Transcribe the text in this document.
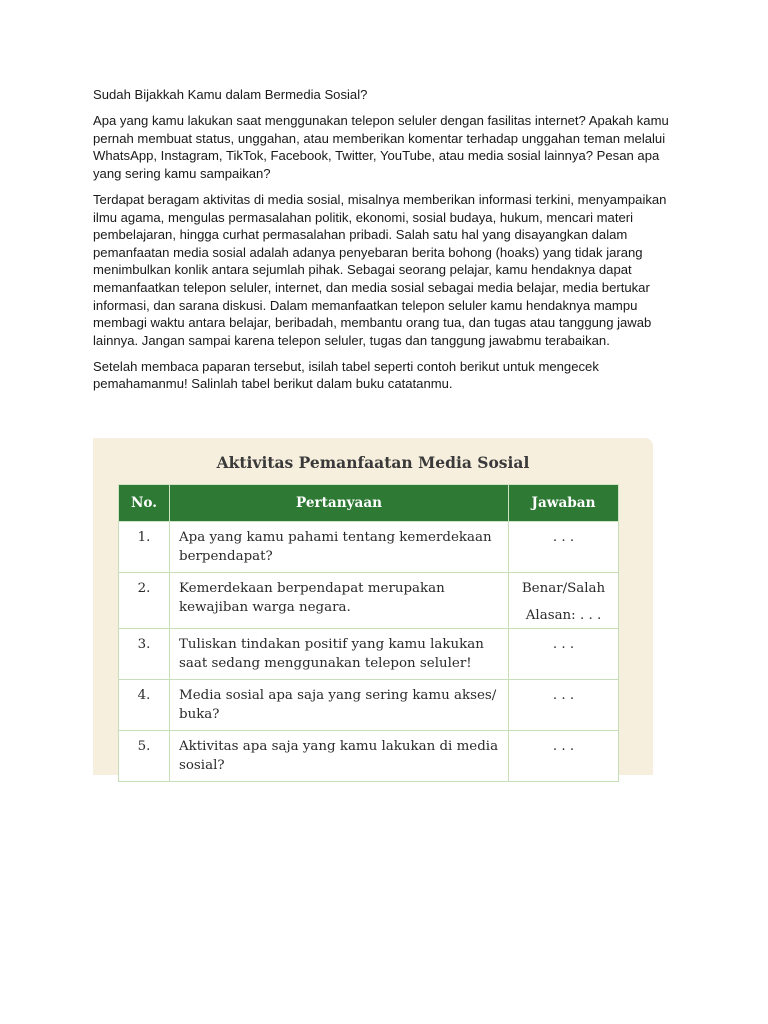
Sudah Bijakkah Kamu dalam Bermedia Sosial?

Apa yang kamu lakukan saat menggunakan telepon seluler dengan fasilitas internet? Apakah kamu pernah membuat status, unggahan, atau memberikan komentar terhadap unggahan teman melalui WhatsApp, Instagram, TikTok, Facebook, Twitter, YouTube, atau media sosial lainnya? Pesan apa yang sering kamu sampaikan?

Terdapat beragam aktivitas di media sosial, misalnya memberikan informasi terkini, menyampaikan ilmu agama, mengulas permasalahan politik, ekonomi, sosial budaya, hukum, mencari materi pembelajaran, hingga curhat permasalahan pribadi. Salah satu hal yang disayangkan dalam pemanfaatan media sosial adalah adanya penyebaran berita bohong (hoaks) yang tidak jarang menimbulkan konlik antara sejumlah pihak. Sebagai seorang pelajar, kamu hendaknya dapat memanfaatkan telepon seluler, internet, dan media sosial sebagai media belajar, media bertukar informasi, dan sarana diskusi. Dalam memanfaatkan telepon seluler kamu hendaknya mampu membagi waktu antara belajar, beribadah, membantu orang tua, dan tugas atau tanggung jawab lainnya. Jangan sampai karena telepon seluler, tugas dan tanggung jawabmu terabaikan.

Setelah membaca paparan tersebut, isilah tabel seperti contoh berikut untuk mengecek pemahamanmu! Salinlah tabel berikut dalam buku catatanmu.

Aktivitas Pemanfaatan Media Sosial
No.	Pertanyaan	Jawaban
1.	Apa yang kamu pahami tentang kemerdekaan berpendapat?	. . .

2.	Kemerdekaan berpendapat merupakan kewajiban warga negara.	Benar/Salah
Alasan: . . .

3.	Tuliskan tindakan positif yang kamu lakukan saat sedang menggunakan telepon seluler!	. . .

4.	Media sosial apa saja yang sering kamu akses/ buka?	. . .

5.	Aktivitas apa saja yang kamu lakukan di media sosial?	. . .
